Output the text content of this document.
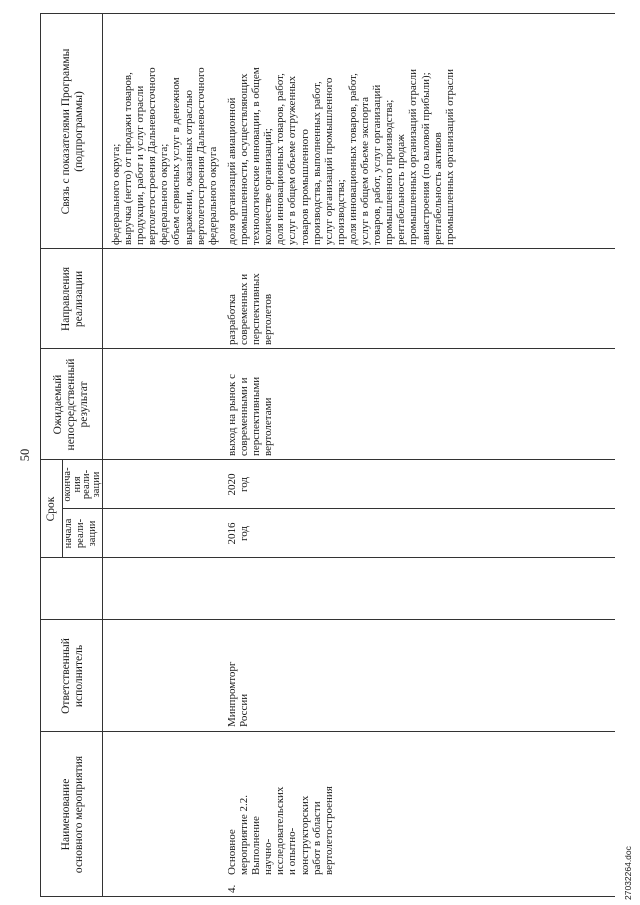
50
Наименование
основного мероприятия
Ответственный
исполнитель
Срок
начала
реали-
зации
оконча-
ния
реали-
зации
Ожидаемый
непосредственный
результат
Направления
реализации
Связь с показателями Программы
(подпрограммы)
федерального округа; выручка (нетто) от продажи товаров, продукции, работ и услуг отрасли вертолетостроения Дальневосточного федерального округа; объем сервисных услуг в денежном выражении, оказанных отраслью вертолетостроения Дальневосточного федерального округа
4.
Основное
мероприятие 2.2.
Выполнение
научно-
исследовательских
и опытно-
конструкторских
работ в области
вертолетостроения
Минпромторг
России
2016
год
2020
год
выход на рынок с
современными и
перспективными
вертолетами
разработка
современных и
перспективных
вертолетов
доля организаций авиационной промышленности, осуществляющих технологические инновации, в общем количестве организаций; доля инновационных товаров, работ, услуг в общем объеме отгруженных товаров промышленного производства, выполненных работ, услуг организаций промышленного производства; доля инновационных товаров, работ, услуг в общем объеме экспорта товаров, работ, услуг организаций промышленного производства; рентабельность продаж промышленных организаций отрасли авиастроения (по валовой прибыли); рентабельность активов промышленных организаций отрасли
27032264.doc
